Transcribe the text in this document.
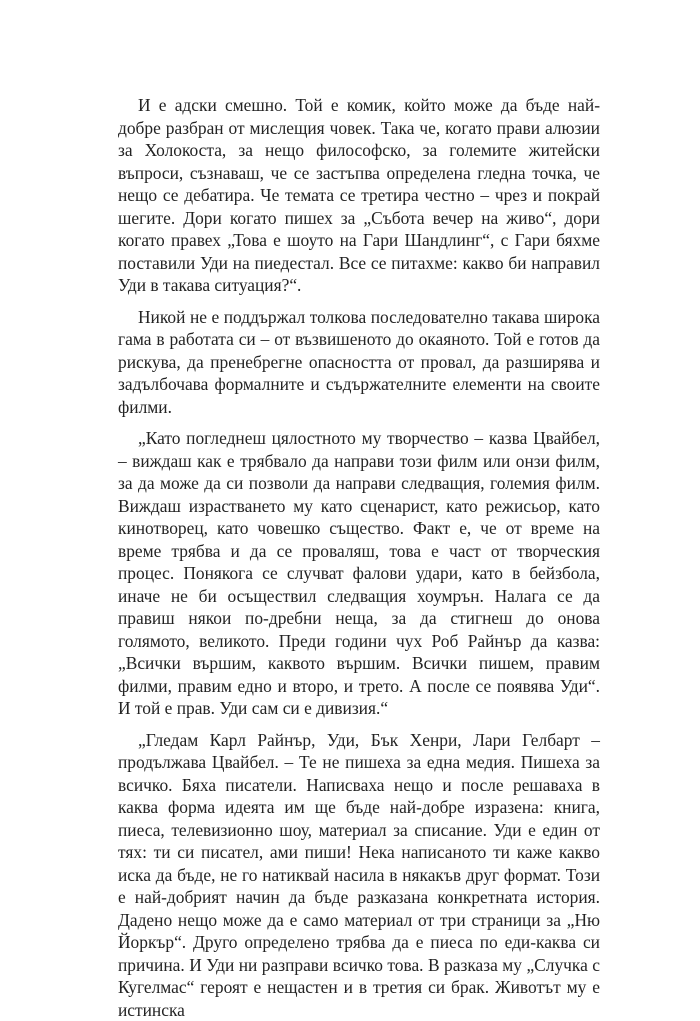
И е адски смешно. Той е комик, който може да бъде най-добре разбран от мислещия човек. Така че, когато прави алюзии за Холокоста, за нещо философско, за големите житейски въпроси, съзнаваш, че се застъпва определена гледна точка, че нещо се дебатира. Че темата се третира честно – чрез и покрай шегите. Дори когато пишех за „Събота вечер на живо“, дори когато правех „Това е шоуто на Гари Шандлинг“, с Гари бяхме поставили Уди на пиедестал. Все се питахме: какво би направил Уди в такава ситуация?“.

Никой не е поддържал толкова последователно такава широка гама в работата си – от възвишеното до окаяното. Той е готов да рискува, да пренебрегне опасността от провал, да разширява и задълбочава формалните и съдържателните елементи на своите филми.

„Като погледнеш цялостното му творчество – казва Цвайбел, – виждаш как е трябвало да направи този филм или онзи филм, за да може да си позволи да направи следващия, големия филм. Виждаш израстването му като сценарист, като режисьор, като кинотворец, като човешко същество. Факт е, че от време на време трябва и да се проваляш, това е част от творческия процес. Понякога се случват фалови удари, като в бейзбола, иначе не би осъществил следващия хоумрън. Налага се да правиш някои по-дребни неща, за да стигнеш до онова голямото, великото. Преди години чух Роб Райнър да казва: „Всички вършим, каквото вършим. Всички пишем, правим филми, правим едно и второ, и трето. А после се появява Уди“. И той е прав. Уди сам си е дивизия.“

„Гледам Карл Райнър, Уди, Бък Хенри, Лари Гелбарт – продължава Цвайбел. – Те не пишеха за една медия. Пишеха за всичко. Бяха писатели. Написваха нещо и после решаваха в каква форма идеята им ще бъде най-добре изразена: книга, пиеса, телевизионно шоу, материал за списание. Уди е един от тях: ти си писател, ами пиши! Нека написаното ти каже какво иска да бъде, не го натиквай насила в някакъв друг формат. Този е най-добрият начин да бъде разказана конкретната история. Дадено нещо може да е само материал от три страници за „Ню Йоркър“. Друго определено трябва да е пиеса по еди-каква си причина. И Уди ни разправи всичко това. В разказа му „Случка с Кугелмас“ героят е нещастен и в третия си брак. Животът му е истинска
